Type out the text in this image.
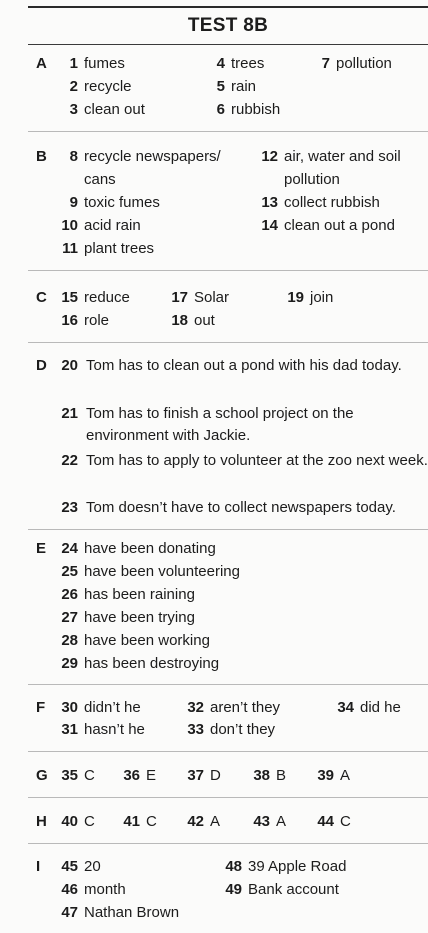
TEST 8B
A	1 fumes
2 recycle
3 clean out
4 trees
5 rain
6 rubbish
7 pollution
B	8 recycle newspapers/
cans
9 toxic fumes
10 acid rain
11 plant trees
12 air, water and soil
pollution
13 collect rubbish
14 clean out a pond
C 15 reduce
16 role
17 Solar
18 out
19 join
D 20 Tom has to clean out a pond with his dad today.
21 Tom has to finish a school project on the environment with Jackie.
22 Tom has to apply to volunteer at the zoo next week.
23 Tom doesn’t have to collect newspapers today.
E 24 have been donating
25 have been volunteering
26 has been raining
27 have been trying
28 have been working
29 has been destroying
F 30 didn’t he
31 hasn’t he
32 aren’t they
33 don’t they
34 did he
G 35 C 36 E 37 D 38 B 39 A
H 40 C 41 C 42 A 43 A 44 C
I 45 20
46 month
47 Nathan Brown
48 39 Apple Road
49 Bank account
